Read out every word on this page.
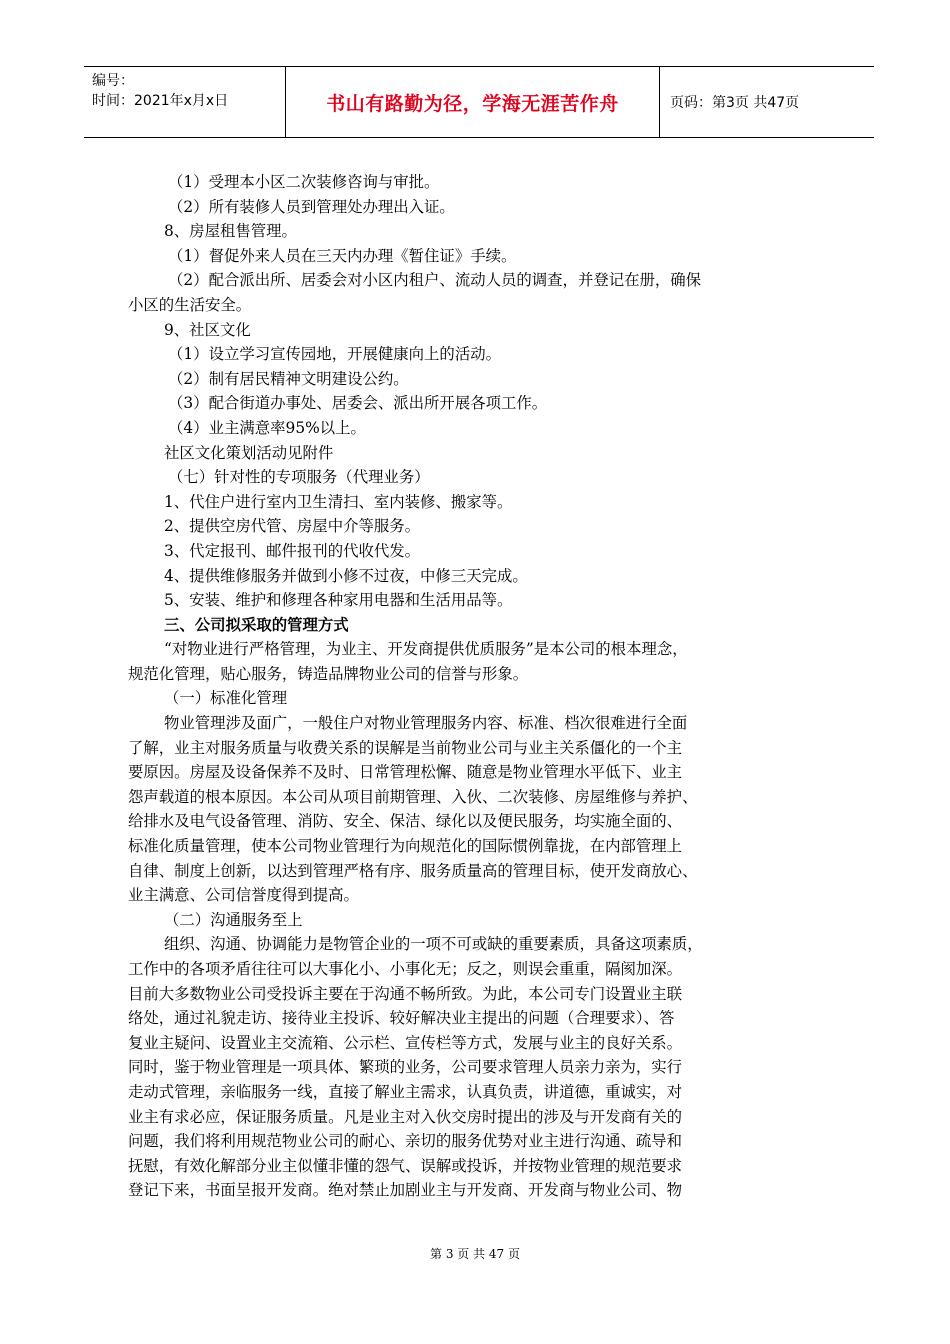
编号：
时间：2021年x月x日	书山有路勤为径，学海无涯苦作舟	页码：第3页 共47页
（1）受理本小区二次装修咨询与审批。
（2）所有装修人员到管理处办理出入证。
8、房屋租售管理。
（1）督促外来人员在三天内办理《暂住证》手续。
（2）配合派出所、居委会对小区内租户、流动人员的调查，并登记在册，确保
小区的生活安全。
9、社区文化
（1）设立学习宣传园地，开展健康向上的活动。
（2）制有居民精神文明建设公约。
（3）配合街道办事处、居委会、派出所开展各项工作。
（4）业主满意率95%以上。
社区文化策划活动见附件
（七）针对性的专项服务（代理业务）
1、代住户进行室内卫生清扫、室内装修、搬家等。
2、提供空房代管、房屋中介等服务。
3、代定报刊、邮件报刊的代收代发。
4、提供维修服务并做到小修不过夜，中修三天完成。
5、安装、维护和修理各种家用电器和生活用品等。
三、公司拟采取的管理方式
“对物业进行严格管理，为业主、开发商提供优质服务”是本公司的根本理念，
规范化管理，贴心服务，铸造品牌物业公司的信誉与形象。
（一）标准化管理
物业管理涉及面广，一般住户对物业管理服务内容、标准、档次很难进行全面
了解，业主对服务质量与收费关系的误解是当前物业公司与业主关系僵化的一个主
要原因。房屋及设备保养不及时、日常管理松懈、随意是物业管理水平低下、业主
怨声载道的根本原因。本公司从项目前期管理、入伙、二次装修、房屋维修与养护、
给排水及电气设备管理、消防、安全、保洁、绿化以及便民服务，均实施全面的、
标准化质量管理，使本公司物业管理行为向规范化的国际惯例靠拢，在内部管理上
自律、制度上创新，以达到管理严格有序、服务质量高的管理目标，使开发商放心、
业主满意、公司信誉度得到提高。
（二）沟通服务至上
组织、沟通、协调能力是物管企业的一项不可或缺的重要素质，具备这项素质，
工作中的各项矛盾往往可以大事化小、小事化无；反之，则误会重重，隔阂加深。
目前大多数物业公司受投诉主要在于沟通不畅所致。为此，本公司专门设置业主联
络处，通过礼貌走访、接待业主投诉、较好解决业主提出的问题（合理要求）、答
复业主疑问、设置业主交流箱、公示栏、宣传栏等方式，发展与业主的良好关系。
同时，鉴于物业管理是一项具体、繁琐的业务，公司要求管理人员亲力亲为，实行
走动式管理，亲临服务一线，直接了解业主需求，认真负责，讲道德，重诚实，对
业主有求必应，保证服务质量。凡是业主对入伙交房时提出的涉及与开发商有关的
问题，我们将利用规范物业公司的耐心、亲切的服务优势对业主进行沟通、疏导和
抚慰，有效化解部分业主似懂非懂的怨气、误解或投诉，并按物业管理的规范要求
登记下来，书面呈报开发商。绝对禁止加剧业主与开发商、开发商与物业公司、物
第 3 页 共 47 页
